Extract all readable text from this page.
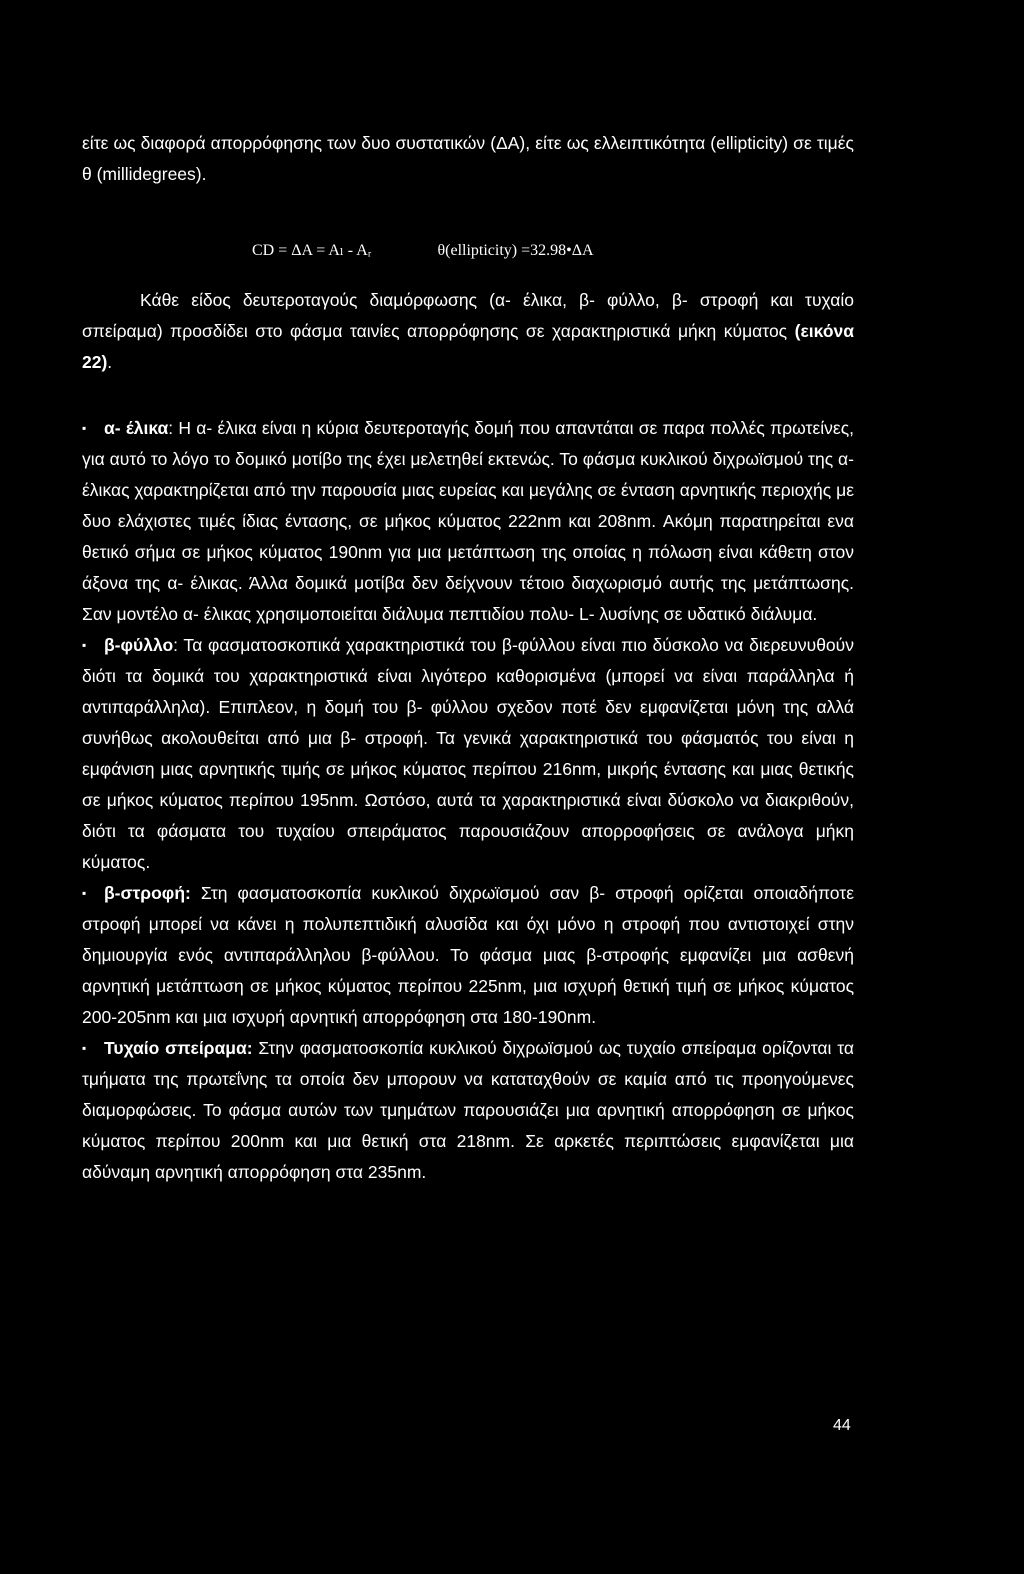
είτε ως διαφορά απορρόφησης των δυο συστατικών (ΔΑ), είτε ως ελλειπτικότητα (ellipticity) σε τιμές θ (millidegrees).

CD = ΔA = Aₗ - Aᵣ	θ(ellipticity) =32.98•ΔA

Κάθε είδος δευτεροταγούς διαμόρφωσης (α- έλικα, β- φύλλο, β- στροφή και τυχαίο σπείραμα) προσδίδει στο φάσμα ταινίες απορρόφησης σε χαρακτηριστικά μήκη κύματος (εικόνα 22).

▪ α- έλικα: Η α- έλικα είναι η κύρια δευτεροταγής δομή που απαντάται σε παρα πολλές πρωτείνες, για αυτό το λόγο το δομικό μοτίβο της έχει μελετηθεί εκτενώς. Το φάσμα κυκλικού διχρωϊσμού της α- έλικας χαρακτηρίζεται από την παρουσία μιας ευρείας και μεγάλης σε ένταση αρνητικής περιοχής με δυο ελάχιστες τιμές ίδιας έντασης, σε μήκος κύματος 222nm και 208nm. Ακόμη παρατηρείται ενα θετικό σήμα σε μήκος κύματος 190nm για μια μετάπτωση της οποίας η πόλωση είναι κάθετη στον άξονα της α- έλικας. Άλλα δομικά μοτίβα δεν δείχνουν τέτοιο διαχωρισμό αυτής της μετάπτωσης. Σαν μοντέλο α- έλικας χρησιμοποιείται διάλυμα πεπτιδίου πολυ- L- λυσίνης σε υδατικό διάλυμα.

▪ β-φύλλο: Τα φασματοσκοπικά χαρακτηριστικά του β-φύλλου είναι πιο δύσκολο να διερευνυθούν διότι τα δομικά του χαρακτηριστικά είναι λιγότερο καθορισμένα (μπορεί να είναι παράλληλα ή αντιπαράλληλα). Επιπλεον, η δομή του β- φύλλου σχεδον ποτέ δεν εμφανίζεται μόνη της αλλά συνήθως ακολουθείται από μια β- στροφή. Τα γενικά χαρακτηριστικά του φάσματός του είναι η εμφάνιση μιας αρνητικής τιμής σε μήκος κύματος περίπου 216nm, μικρής έντασης και μιας θετικής σε μήκος κύματος περίπου 195nm. Ωστόσο, αυτά τα χαρακτηριστικά είναι δύσκολο να διακριθούν, διότι τα φάσματα του τυχαίου σπειράματος παρουσιάζουν απορροφήσεις σε ανάλογα μήκη κύματος.

▪ β-στροφή: Στη φασματοσκοπία κυκλικού διχρωϊσμού σαν β- στροφή ορίζεται οποιαδήποτε στροφή μπορεί να κάνει η πολυπεπτιδική αλυσίδα και όχι μόνο η στροφή που αντιστοιχεί στην δημιουργία ενός αντιπαράλληλου β-φύλλου. Το φάσμα μιας β-στροφής εμφανίζει μια ασθενή αρνητική μετάπτωση σε μήκος κύματος περίπου 225nm, μια ισχυρή θετική τιμή σε μήκος κύματος 200-205nm και μια ισχυρή αρνητική απορρόφηση στα 180-190nm.

▪ Τυχαίο σπείραμα: Στην φασματοσκοπία κυκλικού διχρωϊσμού ως τυχαίο σπείραμα ορίζονται τα τμήματα της πρωτεΐνης τα οποία δεν μπορουν να καταταχθούν σε καμία από τις προηγούμενες διαμορφώσεις. Το φάσμα αυτών των τμημάτων παρουσιάζει μια αρνητική απορρόφηση σε μήκος κύματος περίπου 200nm και μια θετική στα 218nm. Σε αρκετές περιπτώσεις εμφανίζεται μια αδύναμη αρνητική απορρόφηση στα 235nm.

44
